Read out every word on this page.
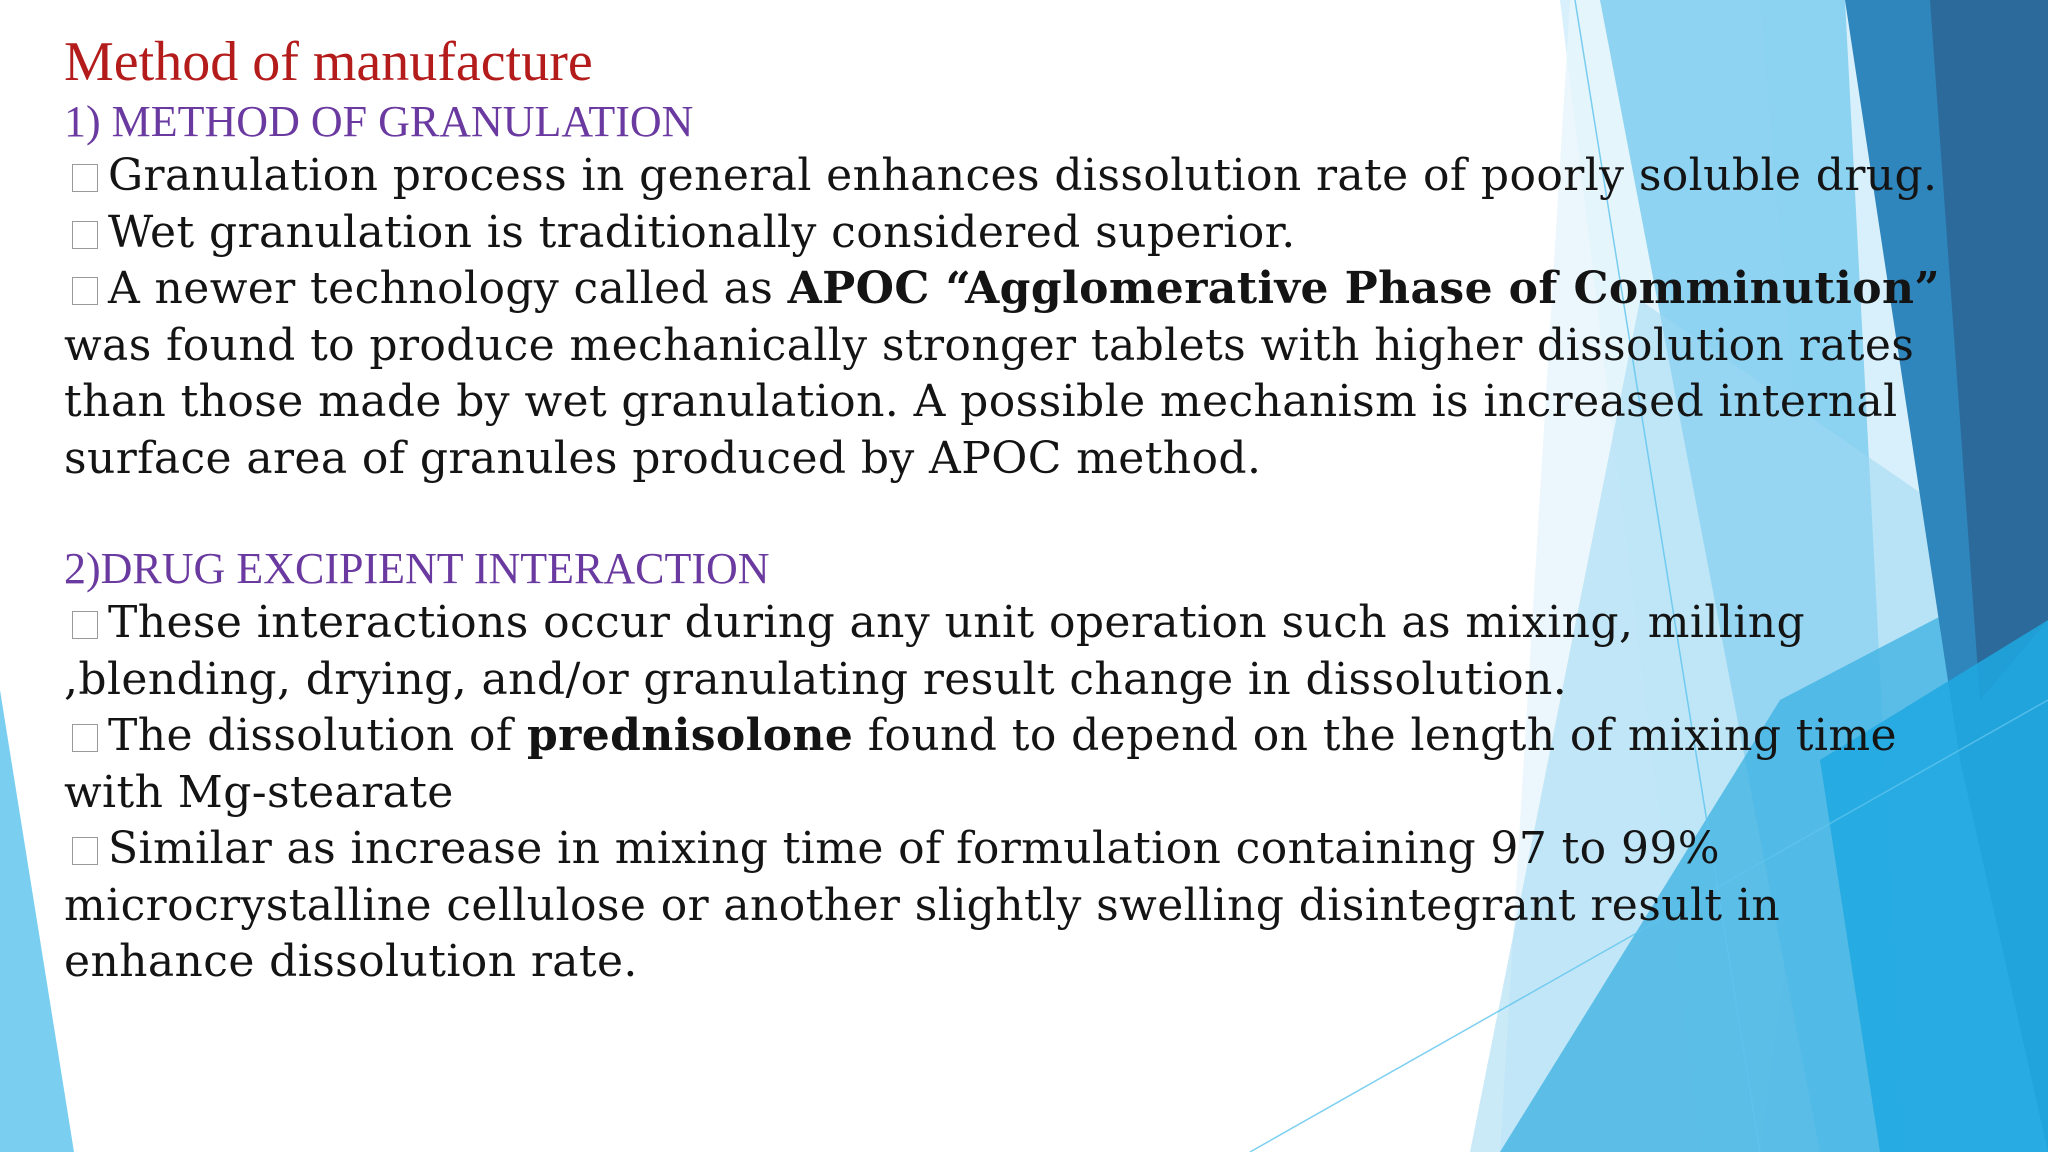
Method of manufacture
1) METHOD OF GRANULATION

Granulation process in general enhances dissolution rate of poorly soluble drug.

Wet granulation is traditionally considered superior.

A newer technology called as APOC “Agglomerative Phase of Comminution” was found to produce mechanically stronger tablets with higher dissolution rates than those made by wet granulation. A possible mechanism is increased internal surface area of granules produced by APOC method.

2)DRUG EXCIPIENT INTERACTION

These interactions occur during any unit operation such as mixing, milling ,blending, drying, and/or granulating result change in dissolution.

The dissolution of prednisolone found to depend on the length of mixing time with Mg-stearate

Similar as increase in mixing time of formulation containing 97 to 99% microcrystalline cellulose or another slightly swelling disintegrant result in enhance dissolution rate.
